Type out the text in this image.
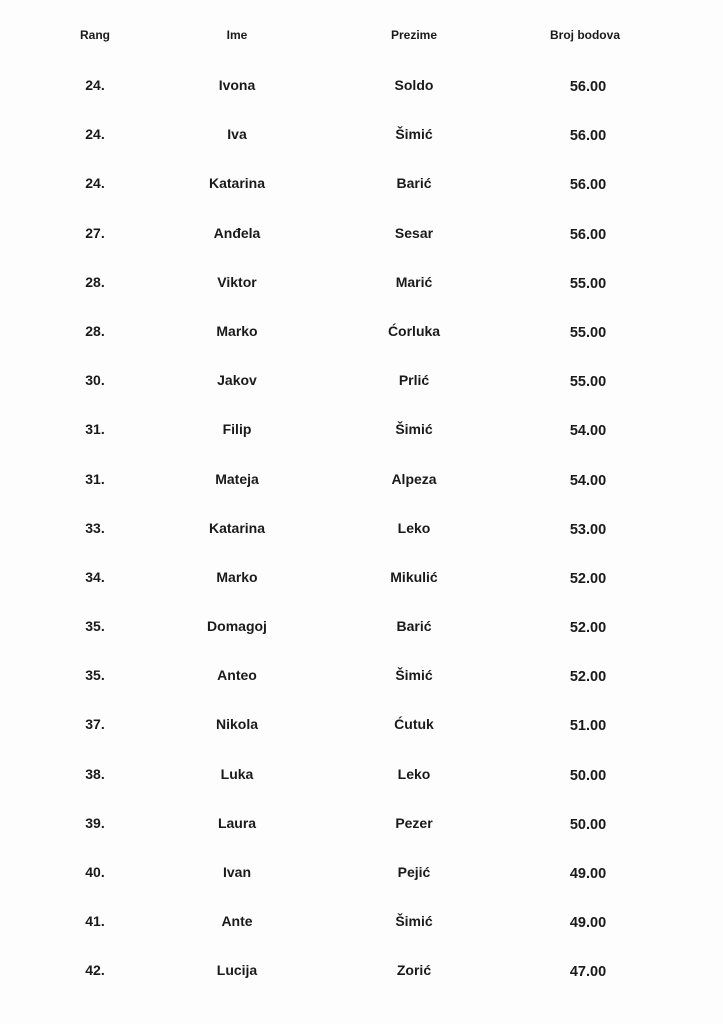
Rang	Ime	Prezime	Broj bodova
24.	Ivona	Soldo	56.00
24.	Iva	Šimić	56.00
24.	Katarina	Barić	56.00
27.	Anđela	Sesar	56.00
28.	Viktor	Marić	55.00
28.	Marko	Ćorluka	55.00
30.	Jakov	Prlić	55.00
31.	Filip	Šimić	54.00
31.	Mateja	Alpeza	54.00
33.	Katarina	Leko	53.00
34.	Marko	Mikulić	52.00
35.	Domagoj	Barić	52.00
35.	Anteo	Šimić	52.00
37.	Nikola	Ćutuk	51.00
38.	Luka	Leko	50.00
39.	Laura	Pezer	50.00
40.	Ivan	Pejić	49.00
41.	Ante	Šimić	49.00
42.	Lucija	Zorić	47.00
